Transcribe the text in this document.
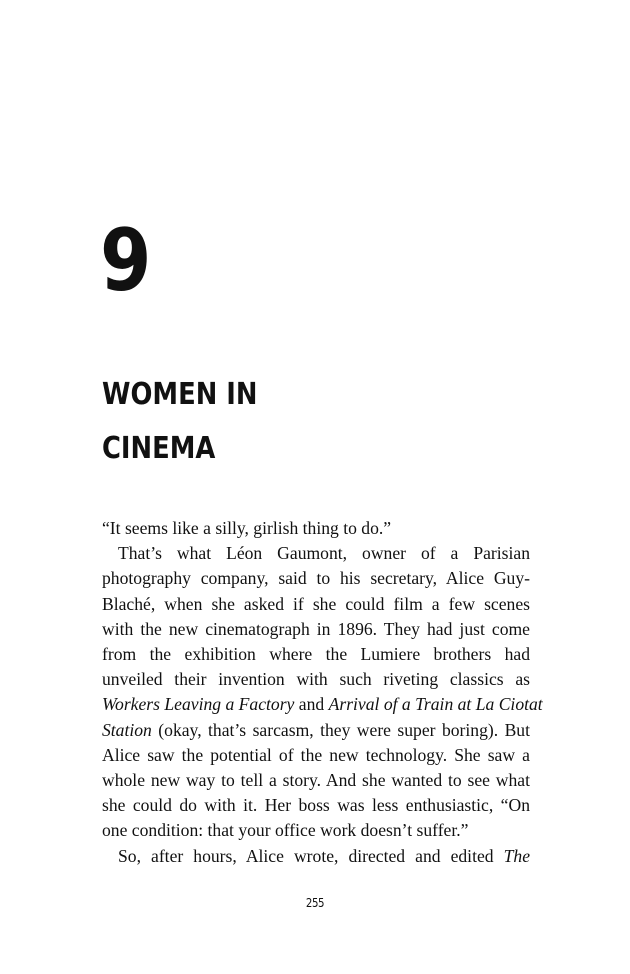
9
WOMEN IN
CINEMA
“It seems like a silly, girlish thing to do.”
That’s what Léon Gaumont, owner of a Parisian
photography company, said to his secretary, Alice Guy-
Blaché, when she asked if she could film a few scenes
with the new cinematograph in 1896. They had just come
from the exhibition where the Lumiere brothers had
unveiled their invention with such riveting classics as
Workers Leaving a Factory and Arrival of a Train at La Ciotat
Station (okay, that’s sarcasm, they were super boring). But
Alice saw the potential of the new technology. She saw a
whole new way to tell a story. And she wanted to see what
she could do with it. Her boss was less enthusiastic, “On
one condition: that your office work doesn’t suffer.”
So, after hours, Alice wrote, directed and edited The
255
